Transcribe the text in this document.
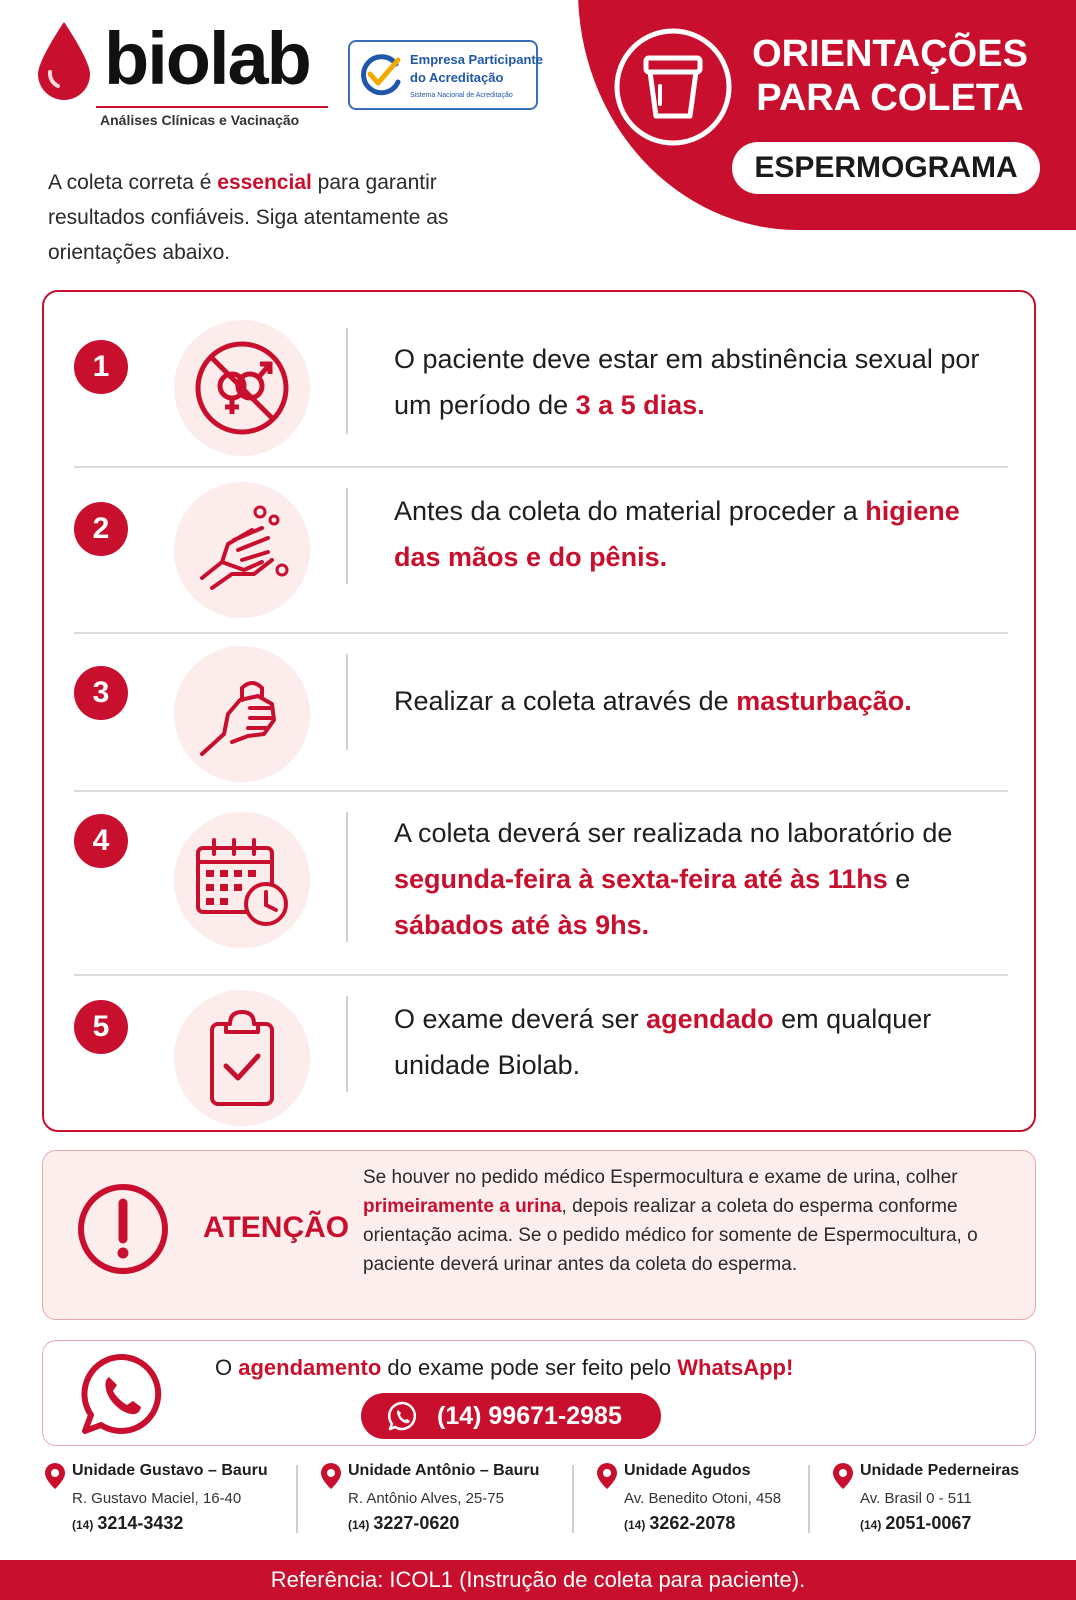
biolab
Análises Clínicas e Vacinação
Empresa Participante
do Acreditação
Sistema Nacional de Acreditação
ORIENTAÇÕES
PARA COLETA
ESPERMOGRAMA
A coleta correta é essencial para garantir resultados confiáveis. Siga atentamente as orientações abaixo.
1	O paciente deve estar em abstinência sexual por um período de 3 a 5 dias.
2
Antes da coleta do material proceder a higiene das mãos e do pênis.
3	Realizar a coleta através de masturbação.
4	A coleta deverá ser realizada no laboratório de segunda-feira à sexta-feira até às 11hs e sábados até às 9hs.
5	O exame deverá ser agendado em qualquer unidade Biolab.
ATENÇÃO
Se houver no pedido médico Espermocultura e exame de urina, colher primeiramente a urina, depois realizar a coleta do esperma conforme orientação acima. Se o pedido médico for somente de Espermocultura, o paciente deverá urinar antes da coleta do esperma.
O agendamento do exame pode ser feito pelo WhatsApp!
(14) 99671-2985
Unidade Gustavo – Bauru
R. Gustavo Maciel, 16-40
(14) 3214-3432
Unidade Antônio – Bauru
R. Antônio Alves, 25-75
(14) 3227-0620
Unidade Agudos
Av. Benedito Otoni, 458
(14) 3262-2078
Unidade Pederneiras
Av. Brasil 0 - 511
(14) 2051-0067
Referência: ICOL1 (Instrução de coleta para paciente).
